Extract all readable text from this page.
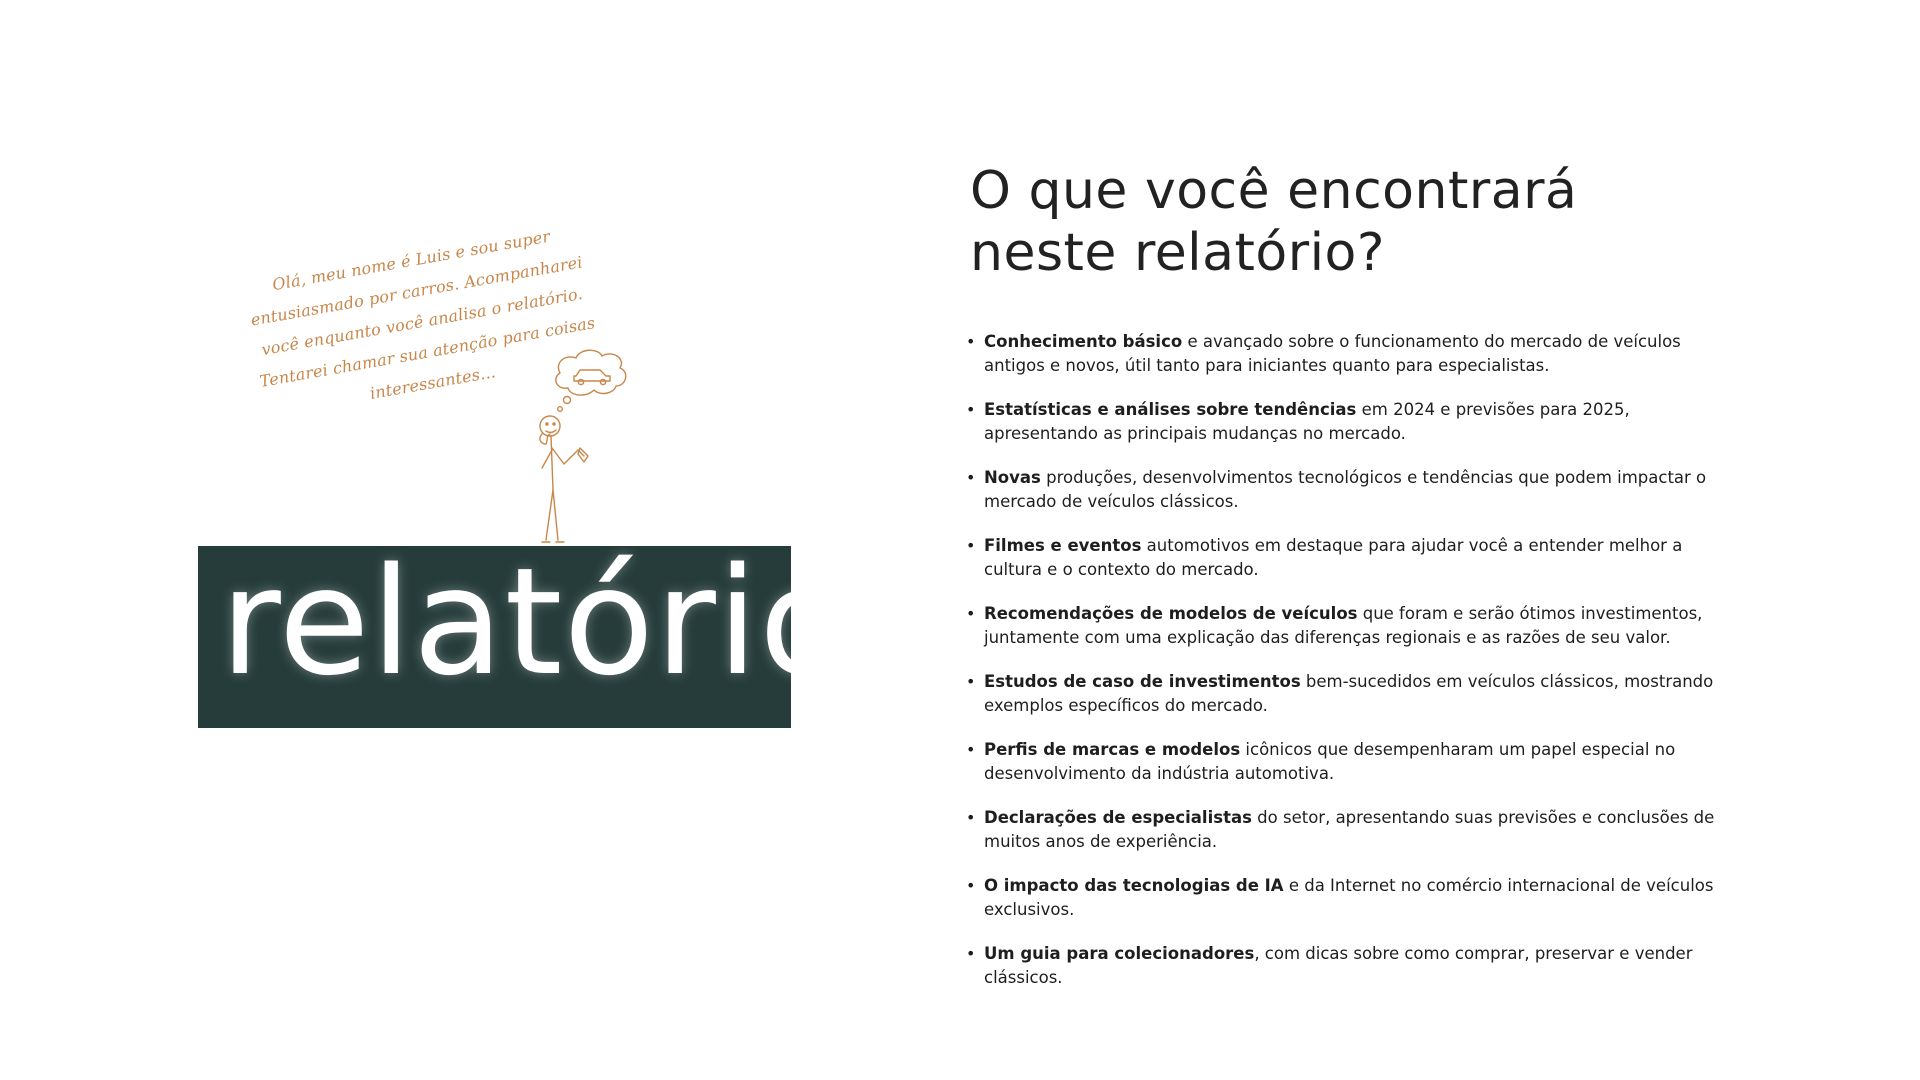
Olá, meu nome é Luis e sou super entusiasmado por carros. Acompanharei você enquanto você analisa o relatório. Tentarei chamar sua atenção para coisas interessantes...
relatório
O que você encontrará
neste relatório?
• Conhecimento básico e avançado sobre o funcionamento do mercado de veículos antigos e novos, útil tanto para iniciantes quanto para especialistas.
• Estatísticas e análises sobre tendências em 2024 e previsões para 2025, apresentando as principais mudanças no mercado.
• Novas produções, desenvolvimentos tecnológicos e tendências que podem impactar o mercado de veículos clássicos.
• Filmes e eventos automotivos em destaque para ajudar você a entender melhor a cultura e o contexto do mercado.
• Recomendações de modelos de veículos que foram e serão ótimos investimentos, juntamente com uma explicação das diferenças regionais e as razões de seu valor.
• Estudos de caso de investimentos bem-sucedidos em veículos clássicos, mostrando exemplos específicos do mercado.
• Perfis de marcas e modelos icônicos que desempenharam um papel especial no desenvolvimento da indústria automotiva.
• Declarações de especialistas do setor, apresentando suas previsões e conclusões de muitos anos de experiência.
• O impacto das tecnologias de IA e da Internet no comércio internacional de veículos exclusivos.
• Um guia para colecionadores, com dicas sobre como comprar, preservar e vender clássicos.
